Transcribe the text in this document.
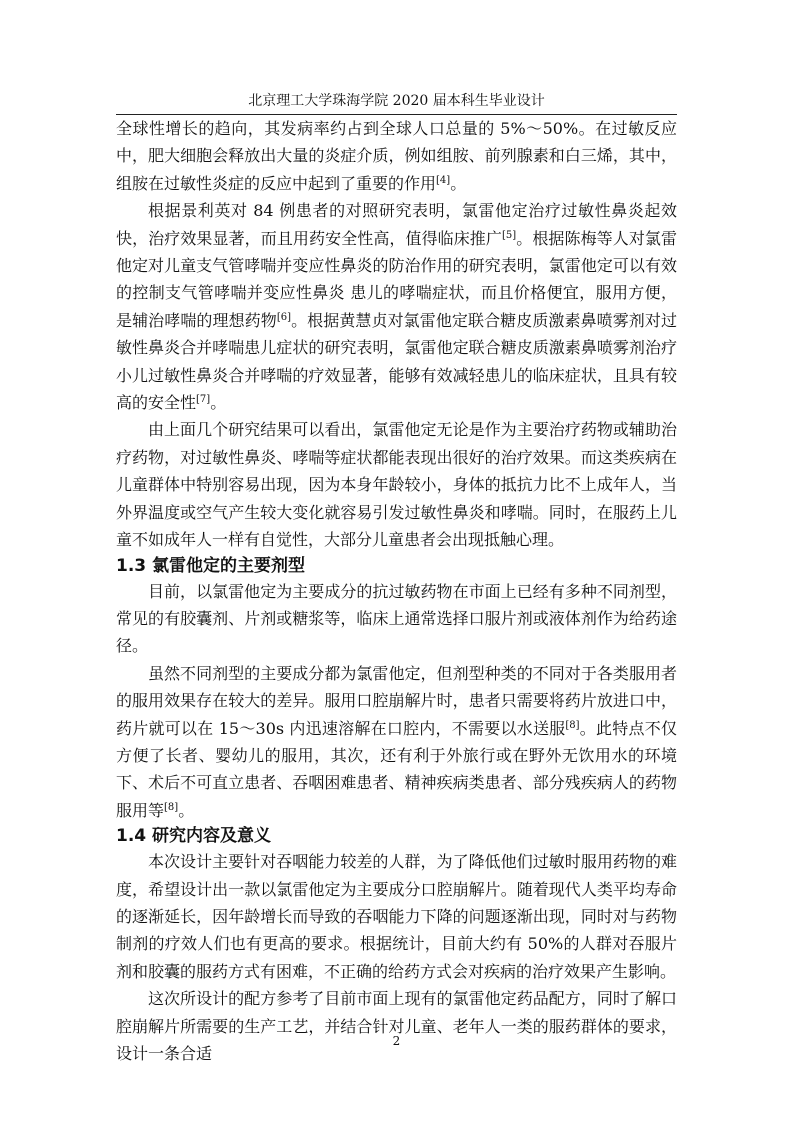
北京理工大学珠海学院 2020 届本科生毕业设计

全球性增长的趋向，其发病率约占到全球人口总量的 5%～50%。在过敏反应中，肥大细胞会释放出大量的炎症介质，例如组胺、前列腺素和白三烯，其中，组胺在过敏性炎症的反应中起到了重要的作用[4]。

根据景利英对 84 例患者的对照研究表明，氯雷他定治疗过敏性鼻炎起效快，治疗效果显著，而且用药安全性高，值得临床推广[5]。根据陈梅等人对氯雷他定对儿童支气管哮喘并变应性鼻炎的防治作用的研究表明，氯雷他定可以有效的控制支气管哮喘并变应性鼻炎 患儿的哮喘症状，而且价格便宜，服用方便，是辅治哮喘的理想药物[6]。根据黄慧贞对氯雷他定联合糖皮质激素鼻喷雾剂对过敏性鼻炎合并哮喘患儿症状的研究表明，氯雷他定联合糖皮质激素鼻喷雾剂治疗小儿过敏性鼻炎合并哮喘的疗效显著，能够有效减轻患儿的临床症状，且具有较高的安全性[7]。

由上面几个研究结果可以看出，氯雷他定无论是作为主要治疗药物或辅助治疗药物，对过敏性鼻炎、哮喘等症状都能表现出很好的治疗效果。而这类疾病在儿童群体中特别容易出现，因为本身年龄较小，身体的抵抗力比不上成年人，当外界温度或空气产生较大变化就容易引发过敏性鼻炎和哮喘。同时，在服药上儿童不如成年人一样有自觉性，大部分儿童患者会出现抵触心理。

1.3 氯雷他定的主要剂型

目前，以氯雷他定为主要成分的抗过敏药物在市面上已经有多种不同剂型，常见的有胶囊剂、片剂或糖浆等，临床上通常选择口服片剂或液体剂作为给药途径。

虽然不同剂型的主要成分都为氯雷他定，但剂型种类的不同对于各类服用者的服用效果存在较大的差异。服用口腔崩解片时，患者只需要将药片放进口中，药片就可以在 15～30s 内迅速溶解在口腔内，不需要以水送服[8]。此特点不仅方便了长者、婴幼儿的服用，其次，还有利于外旅行或在野外无饮用水的环境下、术后不可直立患者、吞咽困难患者、精神疾病类患者、部分残疾病人的药物服用等[8]。

1.4 研究内容及意义

本次设计主要针对吞咽能力较差的人群，为了降低他们过敏时服用药物的难度，希望设计出一款以氯雷他定为主要成分口腔崩解片。随着现代人类平均寿命的逐渐延长，因年龄增长而导致的吞咽能力下降的问题逐渐出现，同时对与药物制剂的疗效人们也有更高的要求。根据统计，目前大约有 50%的人群对吞服片剂和胶囊的服药方式有困难，不正确的给药方式会对疾病的治疗效果产生影响。

这次所设计的配方参考了目前市面上现有的氯雷他定药品配方，同时了解口腔崩解片所需要的生产工艺，并结合针对儿童、老年人一类的服药群体的要求，设计一条合适

2
